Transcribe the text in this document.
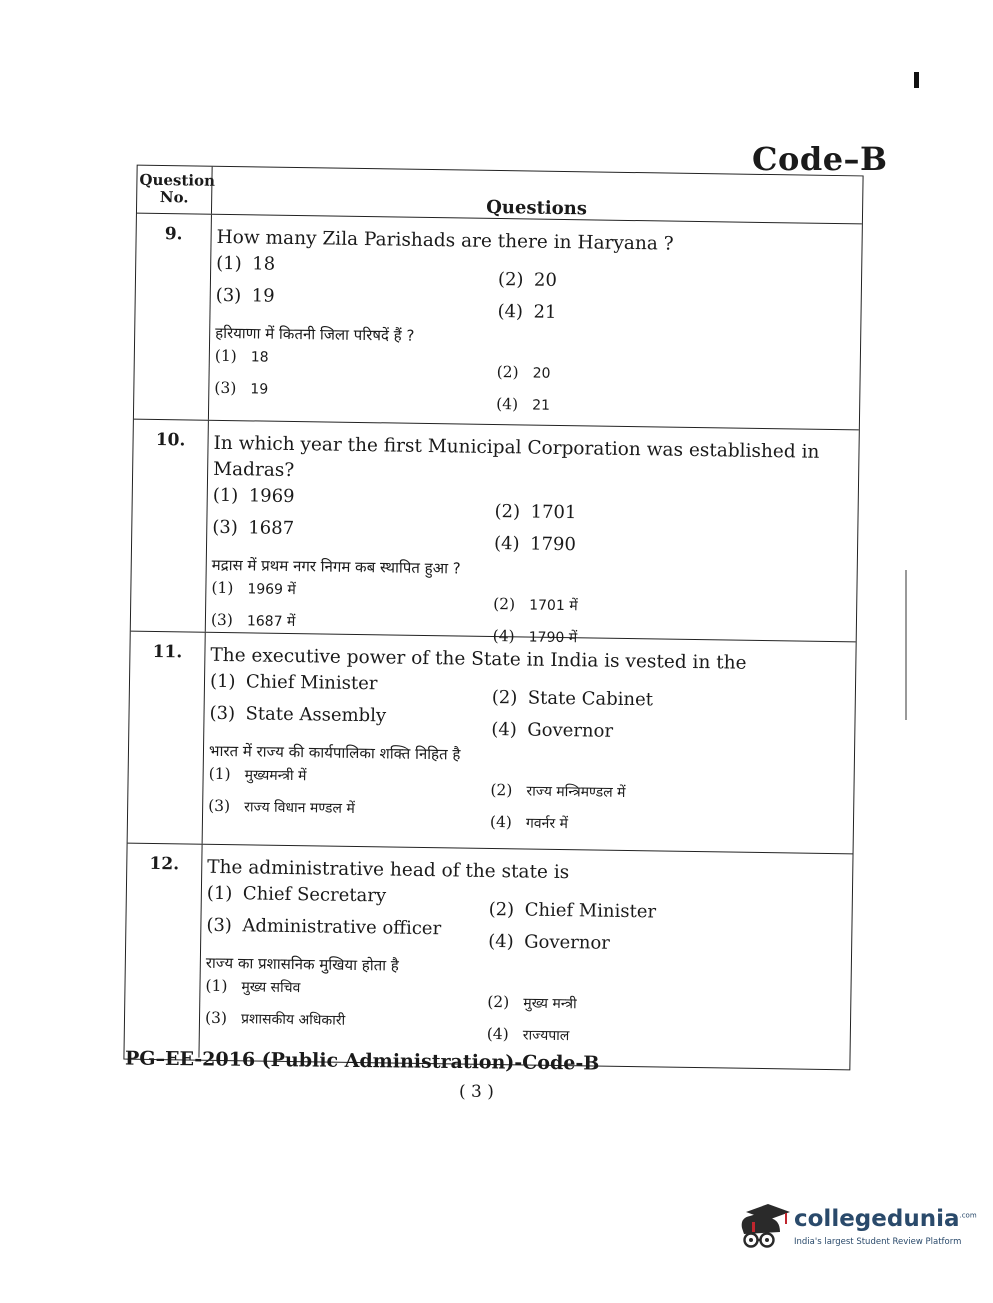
Code–B
Question
No.	Questions
9.	How many Zila Parishads are there in Haryana ?
(1) 18
(2) 20
(3) 19
(4) 21
हरियाणा में कितनी जिला परिषदें हैं ?
(1) 18
(2) 20
(3) 19
(4) 21
10.	In which year the first Municipal Corporation was established in Madras?
(1) 1969
(2) 1701
(3) 1687
(4) 1790
मद्रास में प्रथम नगर निगम कब स्थापित हुआ ?
(1) 1969 में
(2) 1701 में
(3) 1687 में
(4) 1790 में
11.	The executive power of the State in India is vested in the
(1) Chief Minister
(2) State Cabinet
(3) State Assembly
(4) Governor
भारत में राज्य की कार्यपालिका शक्ति निहित है
(1) मुख्यमन्त्री में
(2) राज्य मन्त्रिमण्डल में
(3) राज्य विधान मण्डल में
(4) गवर्नर में
12.	The administrative head of the state is
(1) Chief Secretary
(2) Chief Minister
(3) Administrative officer
(4) Governor
राज्य का प्रशासनिक मुखिया होता है
(1) मुख्य सचिव
(2) मुख्य मन्त्री
(3) प्रशासकीय अधिकारी
(4) राज्यपाल
PG–EE-2016 (Public Administration)-Code-B
( 3 )
collegedunia$^{.com}$
India's largest Student Review Platform
